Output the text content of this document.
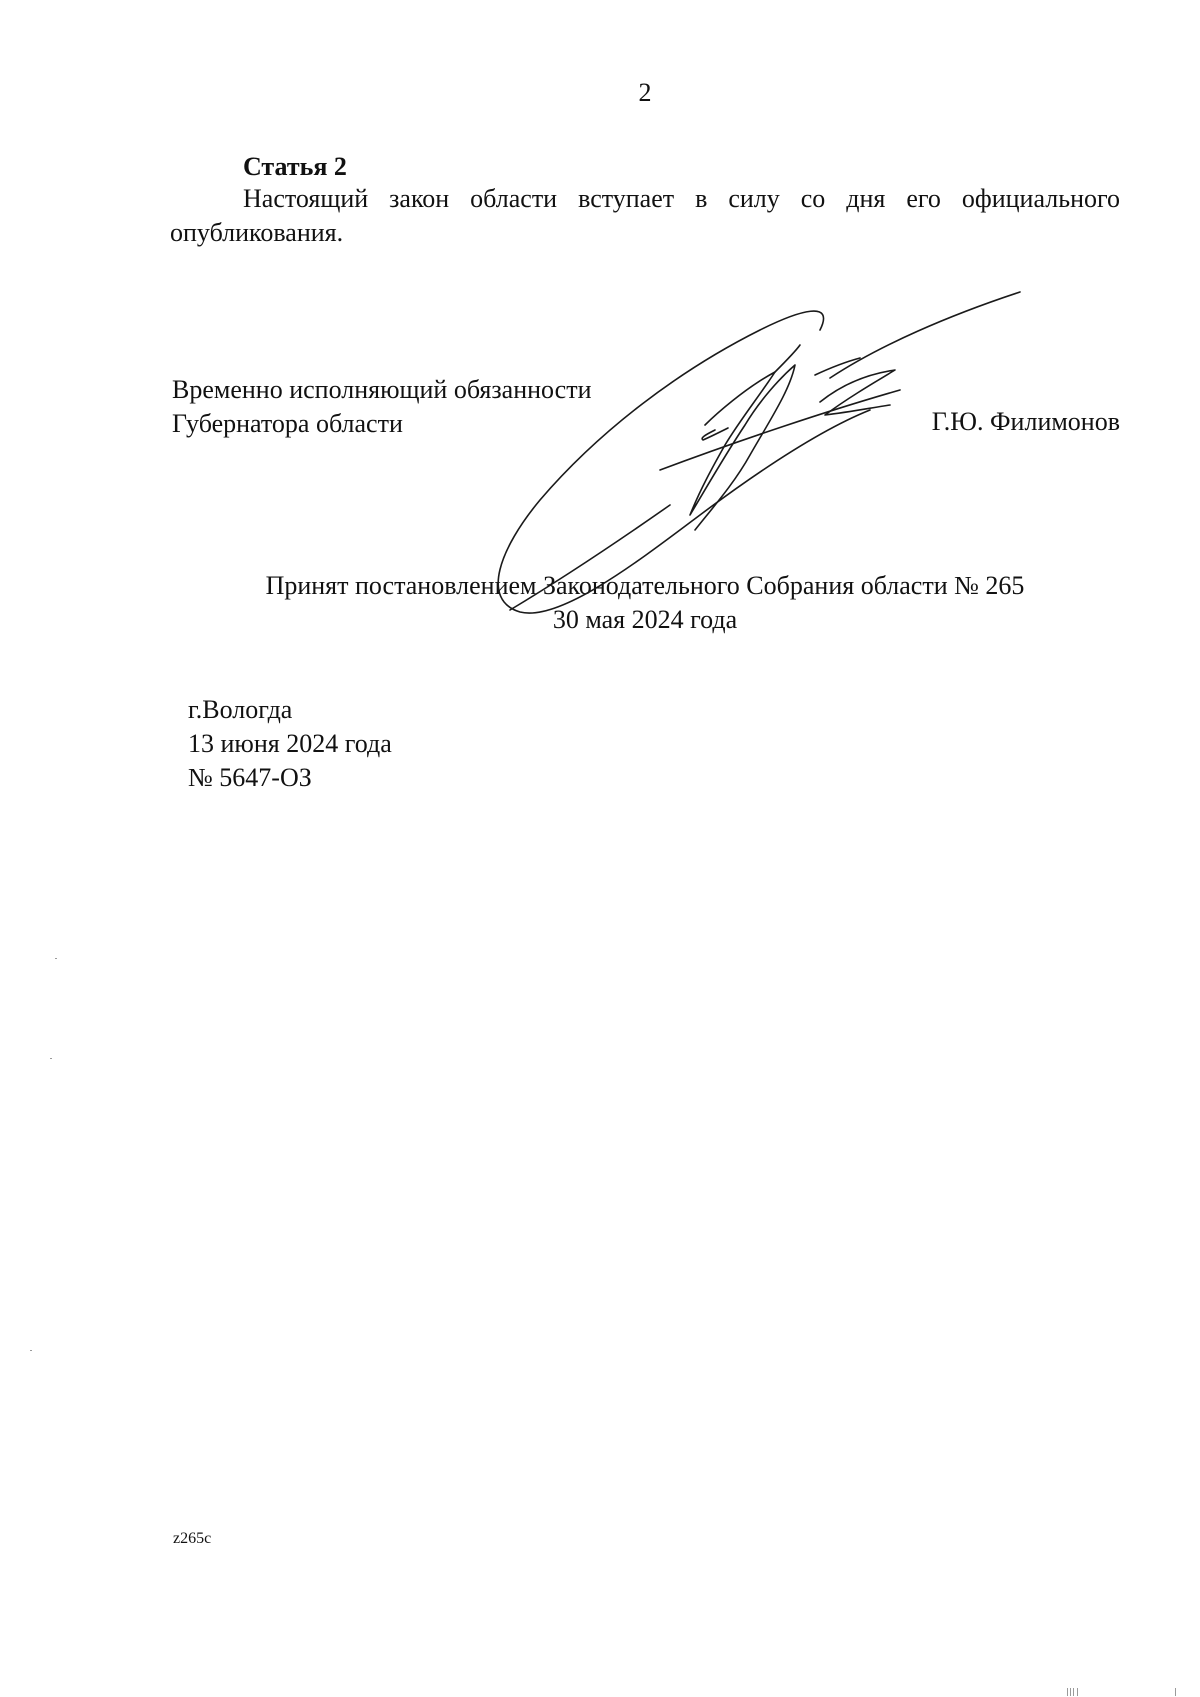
2
Статья 2

Настоящий закон области вступает в силу со дня его официального опубликования.

Временно исполняющий обязанности
Губернатора области	Г.Ю. Филимонов
Принят постановлением Законодательного Собрания области № 265
30 мая 2024 года
г.Вологда
13 июня 2024 года
№ 5647-ОЗ
z265c
